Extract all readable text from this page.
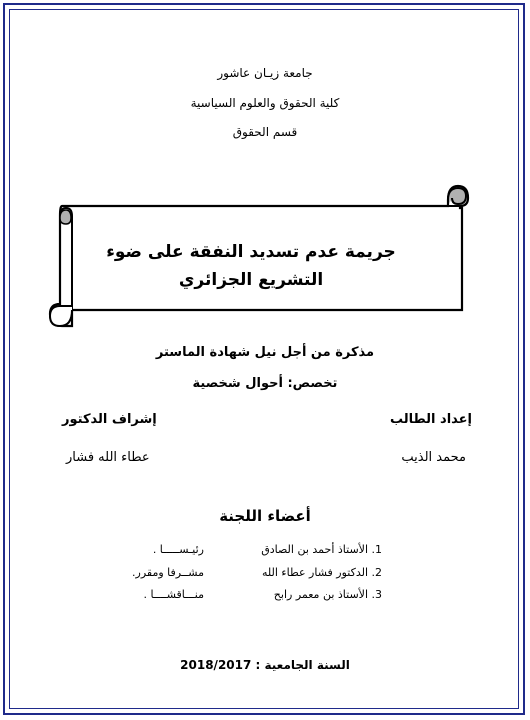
جامعة زيـان عاشور
كلية الحقوق والعلوم السياسية
قسم الحقوق
جريمة عدم تسديد النفقة على ضوء
التشريع الجزائري
مذكرة من أجل نيل شهادة الماستر
تخصص: أحوال شخصية
إعداد الطالب
محمد الذيب
إشراف الدكتور
عطاء الله فشار
أعضاء اللجنة
1. الأستاذ أحمد بن الصادق
رئيـســـــا .
2. الدكتور فشار عطاء الله
مشــرفا ومقرر.
3. الأستاذ بن معمر رابح
منـــاقشــــا .
السنة الجامعية : 2018/2017
